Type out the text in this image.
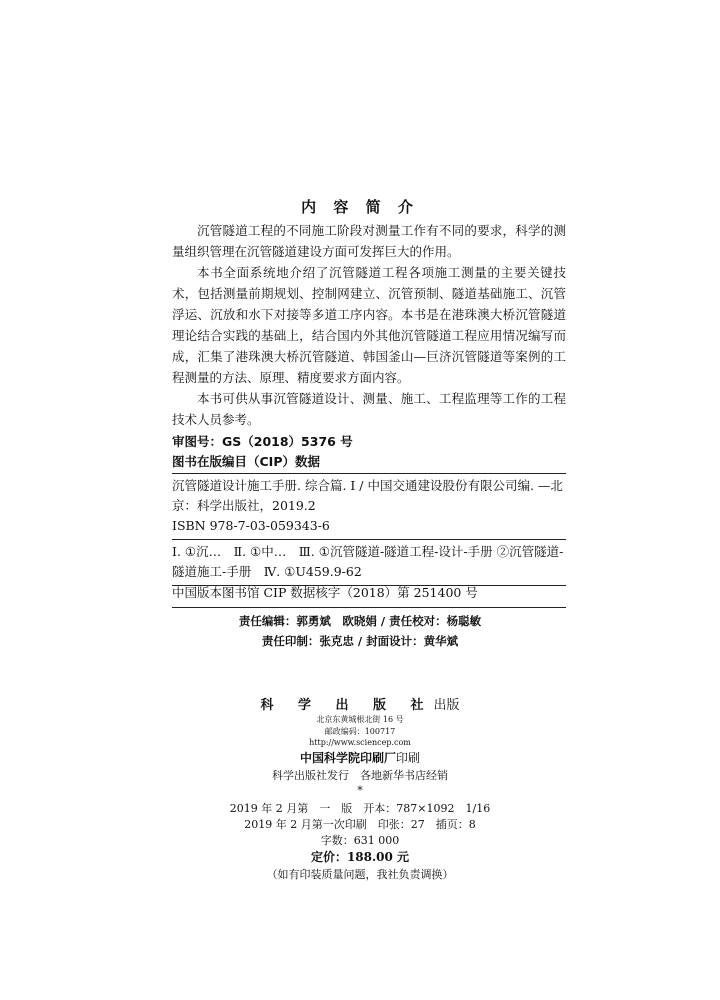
内 容 简 介

沉管隧道工程的不同施工阶段对测量工作有不同的要求，科学的测量组织管理在沉管隧道建设方面可发挥巨大的作用。

本书全面系统地介绍了沉管隧道工程各项施工测量的主要关键技术，包括测量前期规划、控制网建立、沉管预制、隧道基础施工、沉管浮运、沉放和水下对接等多道工序内容。本书是在港珠澳大桥沉管隧道理论结合实践的基础上，结合国内外其他沉管隧道工程应用情况编写而成，汇集了港珠澳大桥沉管隧道、韩国釜山—巨济沉管隧道等案例的工程测量的方法、原理、精度要求方面内容。

本书可供从事沉管隧道设计、测量、施工、工程监理等工作的工程技术人员参考。

审图号：GS（2018）5376 号
图书在版编目（CIP）数据
沉管隧道设计施工手册. 综合篇. Ⅰ / 中国交通建设股份有限公司编. —北京：科学出版社，2019.2
ISBN 978-7-03-059343-6
Ⅰ. ①沉…　Ⅱ. ①中…　Ⅲ. ①沉管隧道-隧道工程-设计-手册 ②沉管隧道-隧道施工-手册　Ⅳ. ①U459.9-62
中国版本图书馆 CIP 数据核字（2018）第 251400 号
责任编辑：郭勇斌　欧晓娟 / 责任校对：杨聪敏
责任印制：张克忠 / 封面设计：黄华斌
科 学 出 版 社出版
北京东黄城根北街 16 号
邮政编码：100717
http://www.sciencep.com
中国科学院印刷厂印刷
科学出版社发行　各地新华书店经销
*
2019 年 2 月第　一　版　开本：787×1092　1/16
2019 年 2 月第一次印刷　印张：27　插页：8
字数：631 000
定价：188.00 元
（如有印装质量问题，我社负责调换）
